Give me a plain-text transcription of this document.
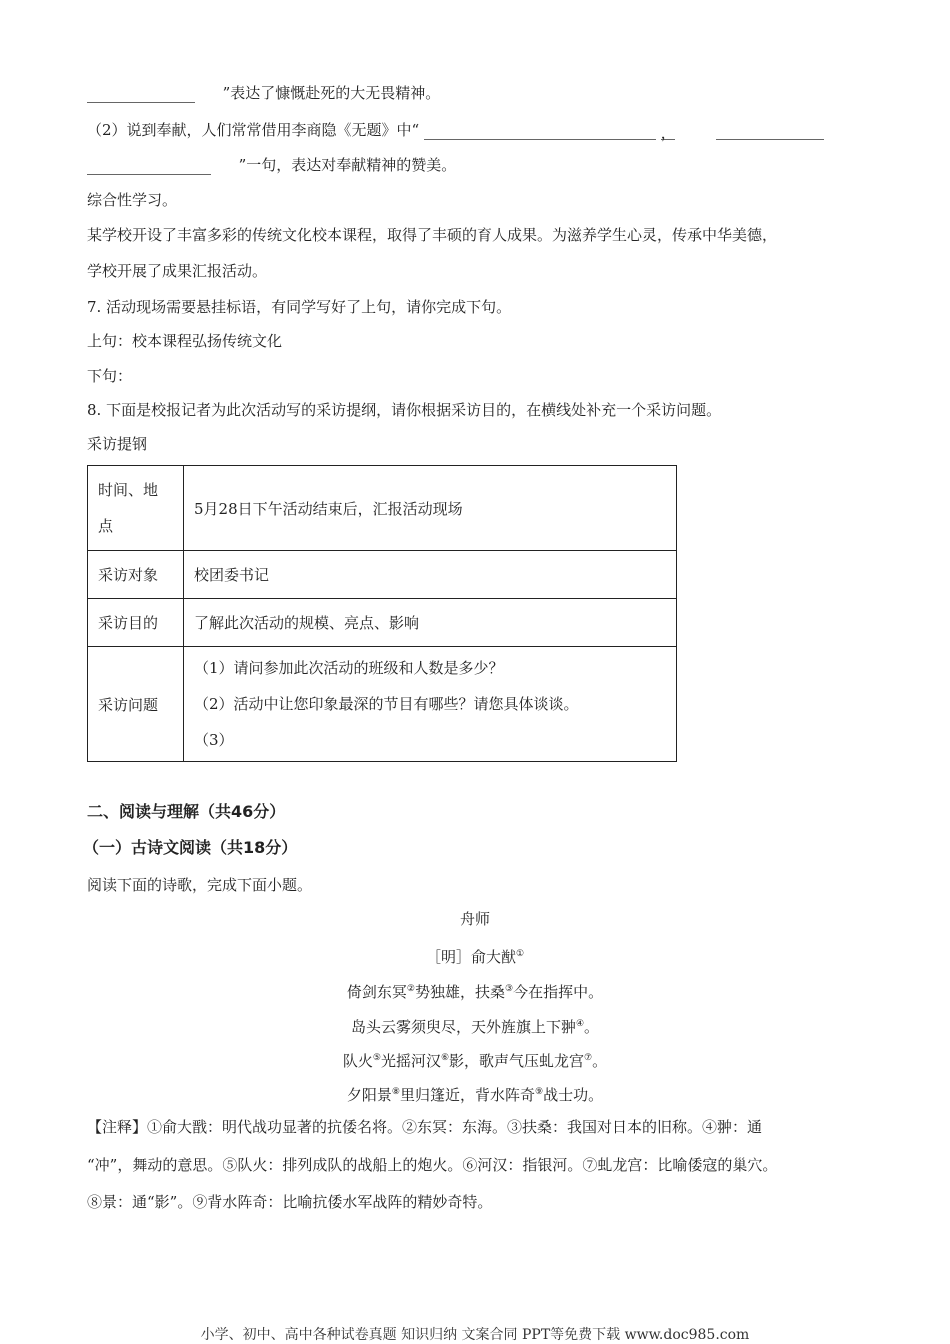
”表达了慷慨赴死的大无畏精神。
（2）说到奉献，人们常常借用李商隐《无题》中“	，
”一句，表达对奉献精神的赞美。
综合性学习。
某学校开设了丰富多彩的传统文化校本课程，取得了丰硕的育人成果。为滋养学生心灵，传承中华美德，
学校开展了成果汇报活动。
7. 活动现场需要悬挂标语，有同学写好了上句，请你完成下句。
上句：校本课程弘扬传统文化
下句：
8. 下面是校报记者为此次活动写的采访提纲，请你根据采访目的，在横线处补充一个采访问题。
采访提钢
时间、地
点	5月28日下午活动结束后，汇报活动现场
采访对象	校团委书记
采访目的	了解此次活动的规模、亮点、影响
采访问题	（1）请问参加此次活动的班级和人数是多少？
（2）活动中让您印象最深的节目有哪些？请您具体谈谈。
（3）
二、阅读与理解（共46分）
（一）古诗文阅读（共18分）
阅读下面的诗歌，完成下面小题。
舟师
［明］俞大猷①
倚剑东冥②势独雄，扶桑③今在指挥中。
岛头云雾须臾尽，天外旌旗上下翀④。
队火⑤光摇河汉⑥影，歌声气压虬龙宫⑦。
夕阳景⑧里归篷近，背水阵奇⑨战士功。
【注释】①俞大戬：明代战功显著的抗倭名将。②东冥：东海。③扶桑：我国对日本的旧称。④翀：通
“冲”，舞动的意思。⑤队火：排列成队的战船上的炮火。⑥河汉：指银河。⑦虬龙宫：比喻倭寇的巢穴。
⑧景：通“影”。⑨背水阵奇：比喻抗倭水军战阵的精妙奇特。
小学、初中、高中各种试卷真题 知识归纳 文案合同 PPT等免费下载 www.doc985.com
